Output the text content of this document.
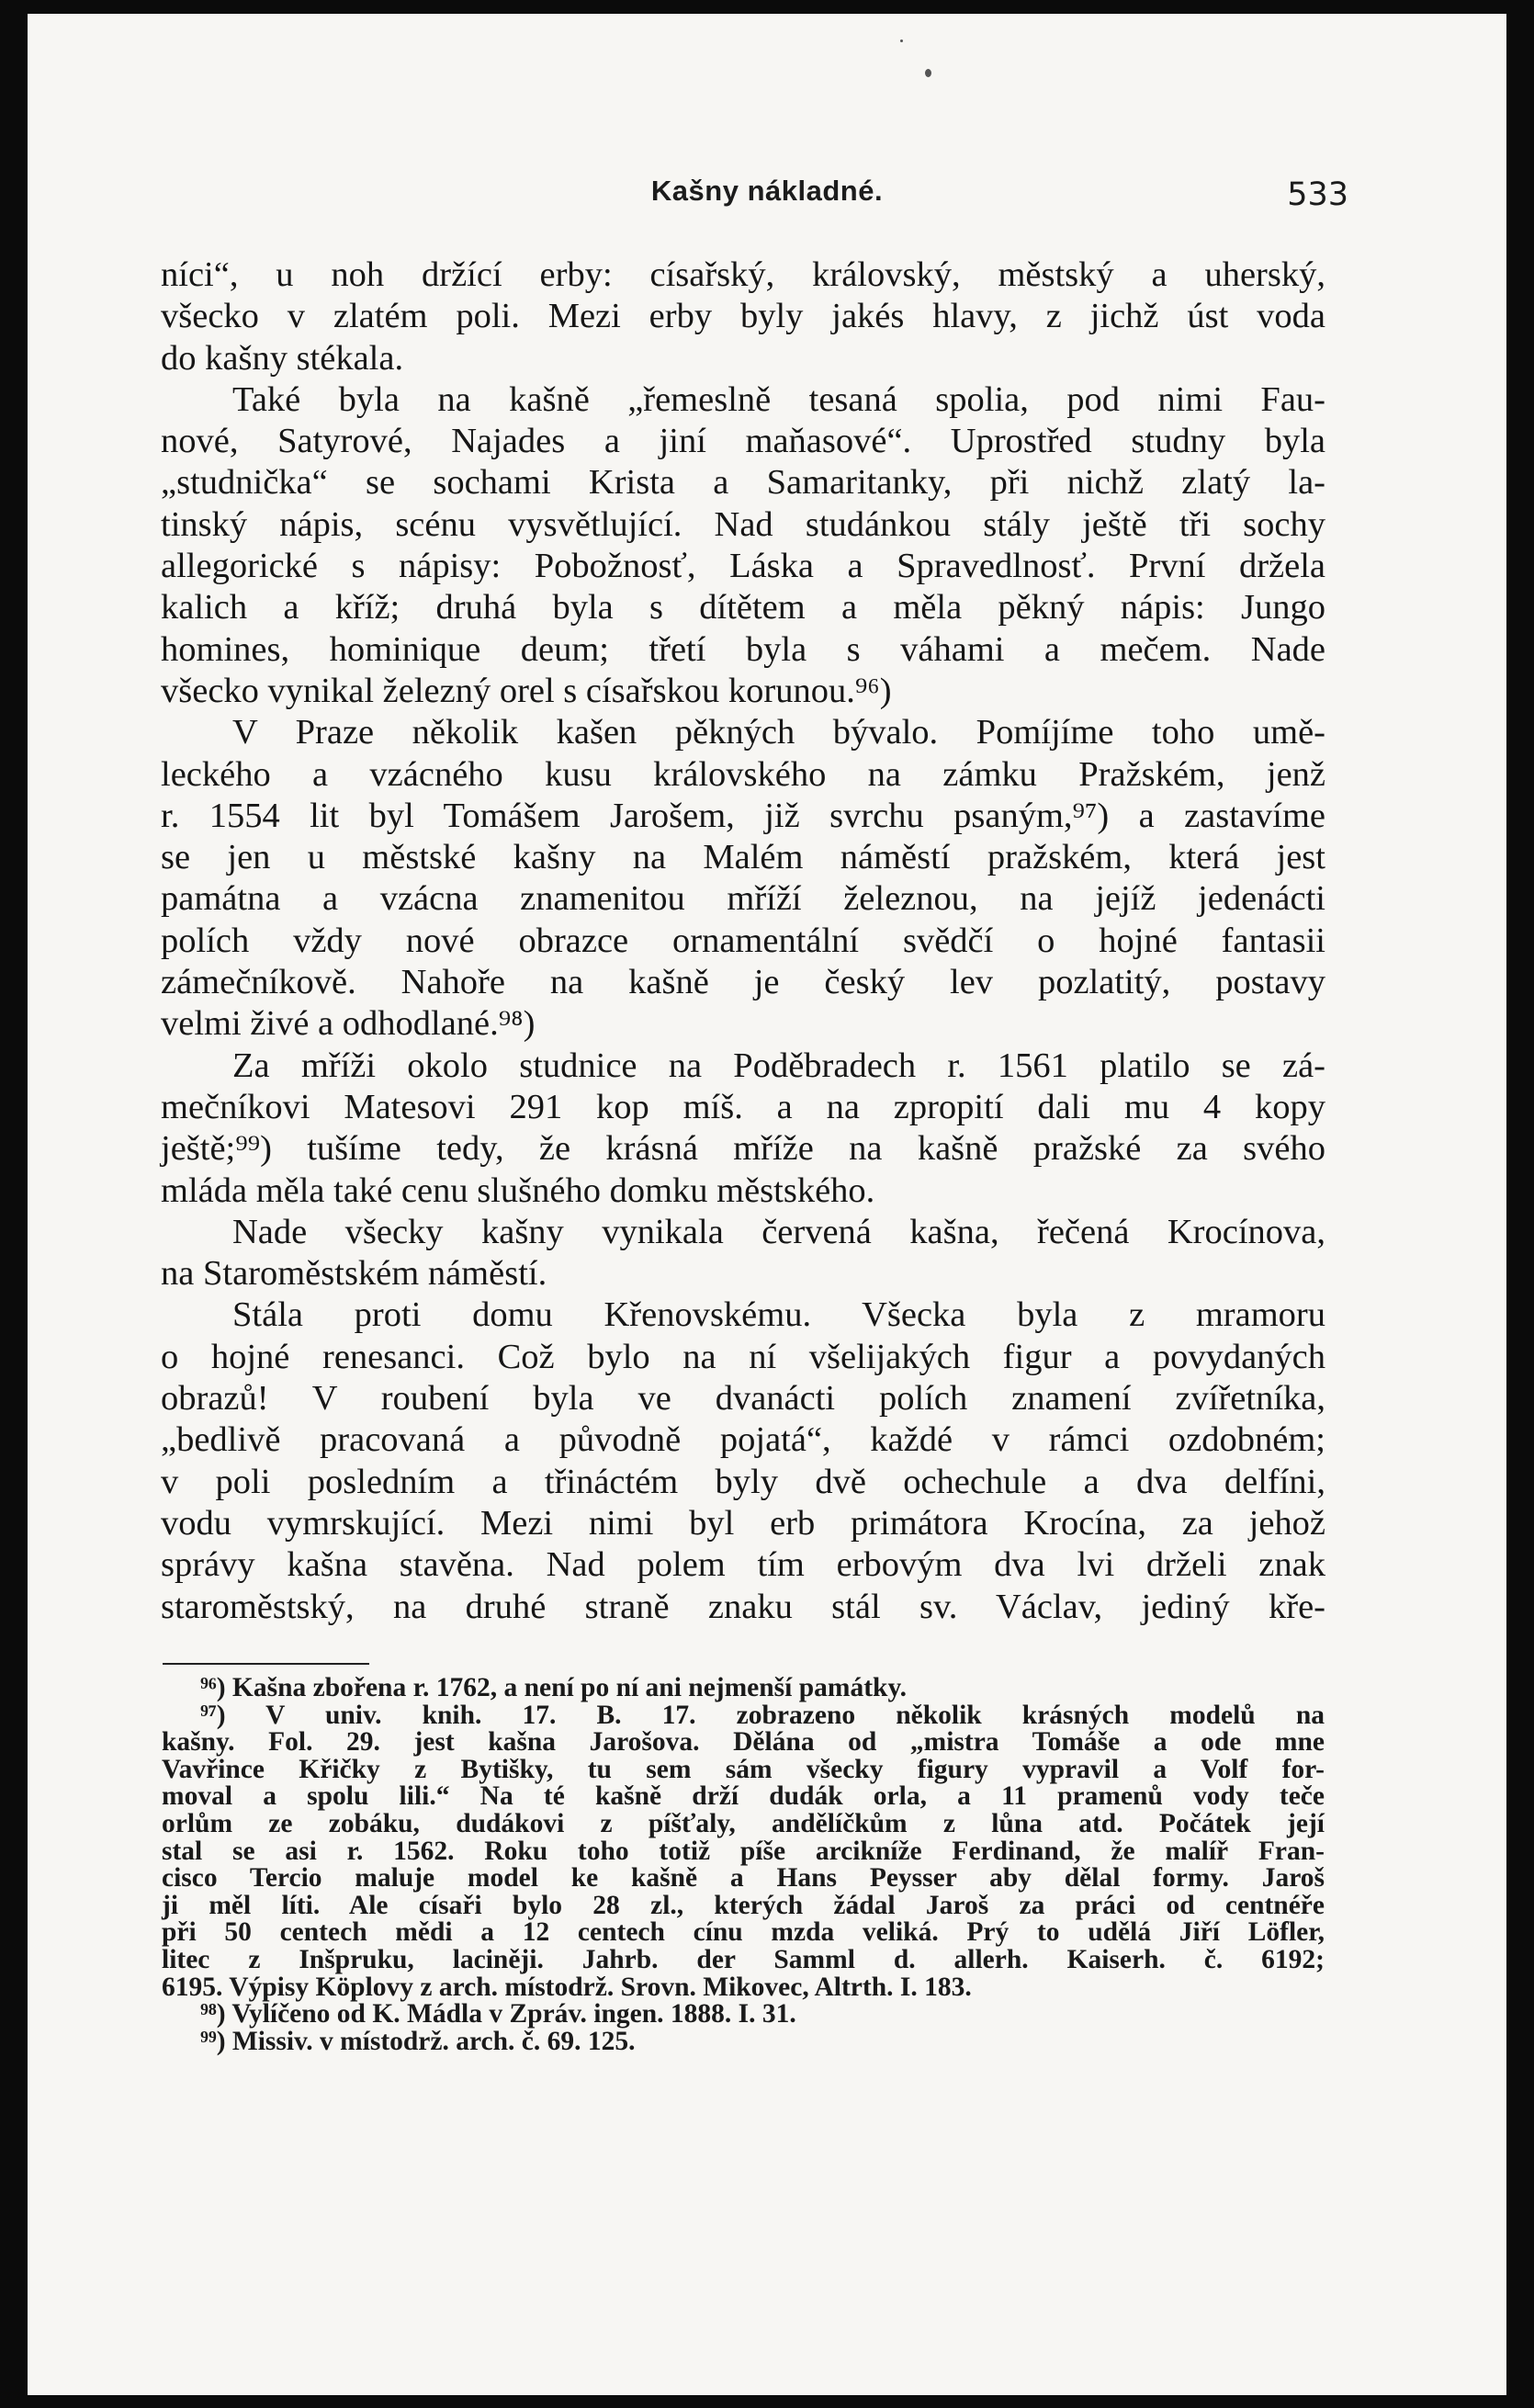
Kašny nákladné.	533
níci“, u noh držící erby: císařský, královský, městský a uherský,
všecko v zlatém poli. Mezi erby byly jakés hlavy, z jichž úst voda
do kašny stékala.
Také byla na kašně „řemeslně tesaná spolia, pod nimi Fau-
nové, Satyrové, Najades a jiní maňasové“. Uprostřed studny byla
„studnička“ se sochami Krista a Samaritanky, při nichž zlatý la-
tinský nápis, scénu vysvětlující. Nad studánkou stály ještě tři sochy
allegorické s nápisy: Pobožnosť, Láska a Spravedlnosť. První držela
kalich a kříž; druhá byla s dítětem a měla pěkný nápis: Jungo
homines, hominique deum; třetí byla s váhami a mečem. Nade
všecko vynikal železný orel s císařskou korunou.⁹⁶)
V Praze několik kašen pěkných bývalo. Pomíjíme toho umě-
leckého a vzácného kusu královského na zámku Pražském, jenž
r. 1554 lit byl Tomášem Jarošem, již svrchu psaným,⁹⁷) a zastavíme
se jen u městské kašny na Malém náměstí pražském, která jest
památna a vzácna znamenitou mříží železnou, na jejíž jedenácti
polích vždy nové obrazce ornamentální svědčí o hojné fantasii
zámečníkově. Nahoře na kašně je český lev pozlatitý, postavy
velmi živé a odhodlané.⁹⁸)
Za mříži okolo studnice na Poděbradech r. 1561 platilo se zá-
mečníkovi Matesovi 291 kop míš. a na zpropití dali mu 4 kopy
ještě;⁹⁹) tušíme tedy, že krásná mříže na kašně pražské za svého
mláda měla také cenu slušného domku městského.
Nade všecky kašny vynikala červená kašna, řečená Krocínova,
na Staroměstském náměstí.
Stála proti domu Křenovskému. Všecka byla z mramoru
o hojné renesanci. Což bylo na ní všelijakých figur a povydaných
obrazů! V roubení byla ve dvanácti polích znamení zvířetníka,
„bedlivě pracovaná a původně pojatá“, každé v rámci ozdobném;
v poli posledním a třináctém byly dvě ochechule a dva delfíni,
vodu vymrskující. Mezi nimi byl erb primátora Krocína, za jehož
správy kašna stavěna. Nad polem tím erbovým dva lvi drželi znak
staroměstský, na druhé straně znaku stál sv. Václav, jediný kře-
⁹⁶) Kašna zbořena r. 1762, a není po ní ani nejmenší památky.
⁹⁷) V univ. knih. 17. B. 17. zobrazeno několik krásných modelů na
kašny. Fol. 29. jest kašna Jarošova. Dělána od „mistra Tomáše a ode mne
Vavřince Křičky z Bytišky, tu sem sám všecky figury vypravil a Volf for-
moval a spolu lili.“ Na té kašně drží dudák orla, a 11 pramenů vody teče
orlům ze zobáku, dudákovi z píšťaly, andělíčkům z lůna atd. Počátek její
stal se asi r. 1562. Roku toho totiž píše arcikníže Ferdinand, že malíř Fran-
cisco Tercio maluje model ke kašně a Hans Peysser aby dělal formy. Jaroš
ji měl líti. Ale císaři bylo 28 zl., kterých žádal Jaroš za práci od centnéře
při 50 centech mědi a 12 centech cínu mzda veliká. Prý to udělá Jiří Löfler,
litec z Inšpruku, laciněji. Jahrb. der Samml d. allerh. Kaiserh. č. 6192;
6195. Výpisy Köplovy z arch. místodrž. Srovn. Mikovec, Altrth. I. 183.
⁹⁸) Vylíčeno od K. Mádla v Zpráv. ingen. 1888. I. 31.
⁹⁹) Missiv. v místodrž. arch. č. 69. 125.
